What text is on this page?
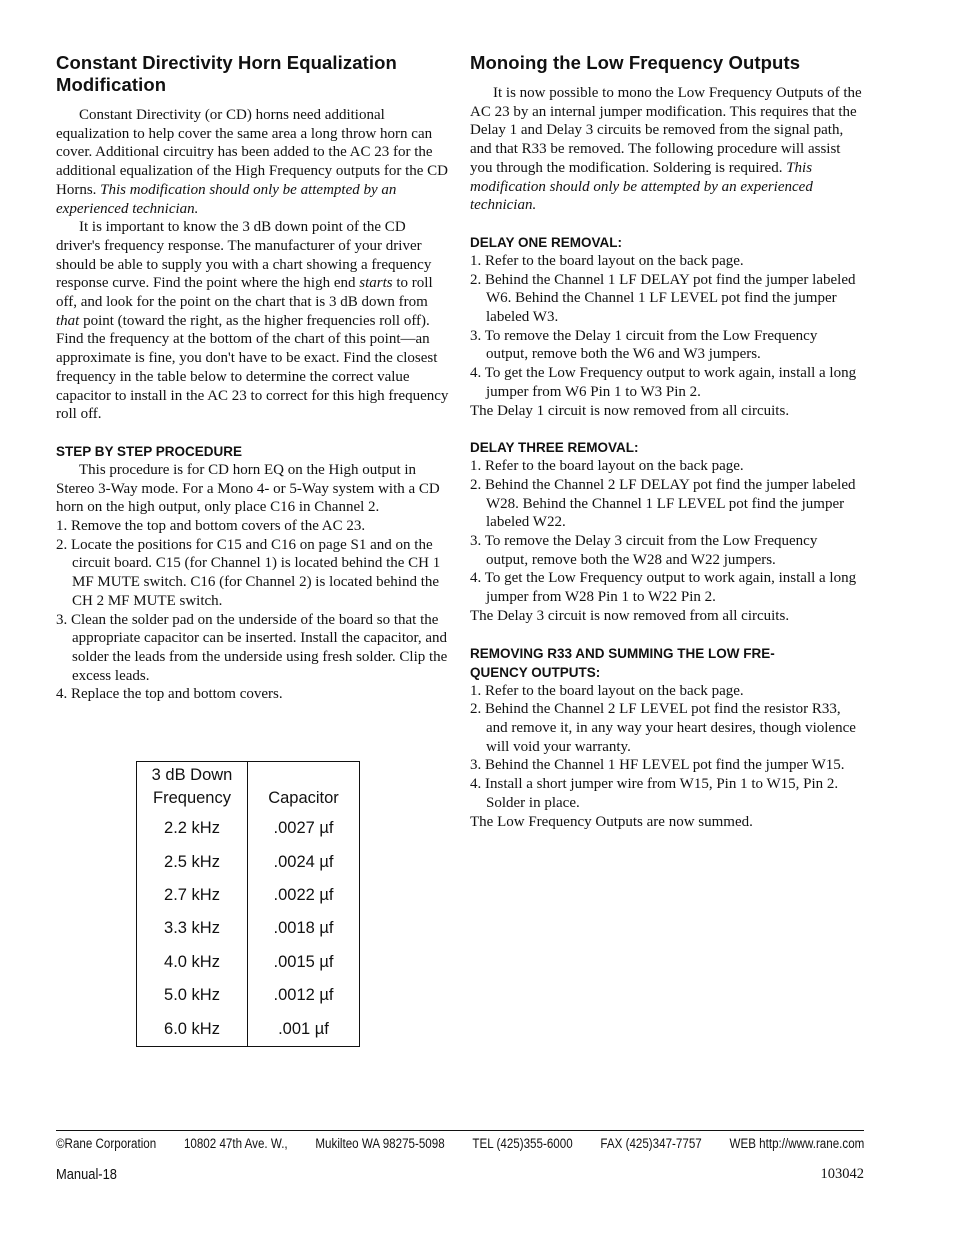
Constant Directivity Horn Equalization Modification

Constant Directivity (or CD) horns need additional equalization to help cover the same area a long throw horn can cover. Additional circuitry has been added to the AC 23 for the additional equalization of the High Frequency outputs for the CD Horns. This modification should only be attempted by an experienced technician.

It is important to know the 3 dB down point of the CD driver's frequency response. The manufacturer of your driver should be able to supply you with a chart showing a frequency response curve. Find the point where the high end starts to roll off, and look for the point on the chart that is 3 dB down from that point (toward the right, as the higher frequencies roll off). Find the frequency at the bottom of the chart of this point—an approximate is fine, you don't have to be exact. Find the closest frequency in the table below to determine the correct value capacitor to install in the AC 23 to correct for this high frequency roll off.

STEP BY STEP PROCEDURE

This procedure is for CD horn EQ on the High output in Stereo 3-Way mode. For a Mono 4- or 5-Way system with a CD horn on the high output, only place C16 in Channel 2.

1. Remove the top and bottom covers of the AC 23.
2. Locate the positions for C15 and C16 on page S1 and on the circuit board. C15 (for Channel 1) is located behind the CH 1 MF MUTE switch. C16 (for Channel 2) is located behind the CH 2 MF MUTE switch.
3. Clean the solder pad on the underside of the board so that the appropriate capacitor can be inserted. Install the capacitor, and solder the leads from the underside using fresh solder. Clip the excess leads.
4. Replace the top and bottom covers.
3 dB Down
Frequency	Capacitor
2.2 kHz	.0027 µf
2.5 kHz	.0024 µf
2.7 kHz	.0022 µf
3.3 kHz	.0018 µf
4.0 kHz	.0015 µf
5.0 kHz	.0012 µf
6.0 kHz	.001 µf
Monoing the Low Frequency Outputs

It is now possible to mono the Low Frequency Outputs of the AC 23 by an internal jumper modification. This requires that the Delay 1 and Delay 3 circuits be removed from the signal path, and that R33 be removed. The following procedure will assist you through the modification. Soldering is required. This modification should only be attempted by an experienced technician.

DELAY ONE REMOVAL:
1. Refer to the board layout on the back page.
2. Behind the Channel 1 LF DELAY pot find the jumper labeled W6. Behind the Channel 1 LF LEVEL pot find the jumper labeled W3.
3. To remove the Delay 1 circuit from the Low Frequency output, remove both the W6 and W3 jumpers.
4. To get the Low Frequency output to work again, install a long jumper from W6 Pin 1 to W3 Pin 2.

The Delay 1 circuit is now removed from all circuits.

DELAY THREE REMOVAL:
1. Refer to the board layout on the back page.
2. Behind the Channel 2 LF DELAY pot find the jumper labeled W28. Behind the Channel 1 LF LEVEL pot find the jumper labeled W22.
3. To remove the Delay 3 circuit from the Low Frequency output, remove both the W28 and W22 jumpers.
4. To get the Low Frequency output to work again, install a long jumper from W28 Pin 1 to W22 Pin 2.

The Delay 3 circuit is now removed from all circuits.

REMOVING R33 AND SUMMING THE LOW FRE-
QUENCY OUTPUTS:
1. Refer to the board layout on the back page.
2. Behind the Channel 2 LF LEVEL pot find the resistor R33, and remove it, in any way your heart desires, though violence will void your warranty.
3. Behind the Channel 1 HF LEVEL pot find the jumper W15.
4. Install a short jumper wire from W15, Pin 1 to W15, Pin 2. Solder in place.

The Low Frequency Outputs are now summed.

©Rane Corporation 10802 47th Ave. W., Mukilteo WA 98275-5098 TEL (425)355-6000 FAX (425)347-7757 WEB http://www.rane.com
Manual-18	103042
